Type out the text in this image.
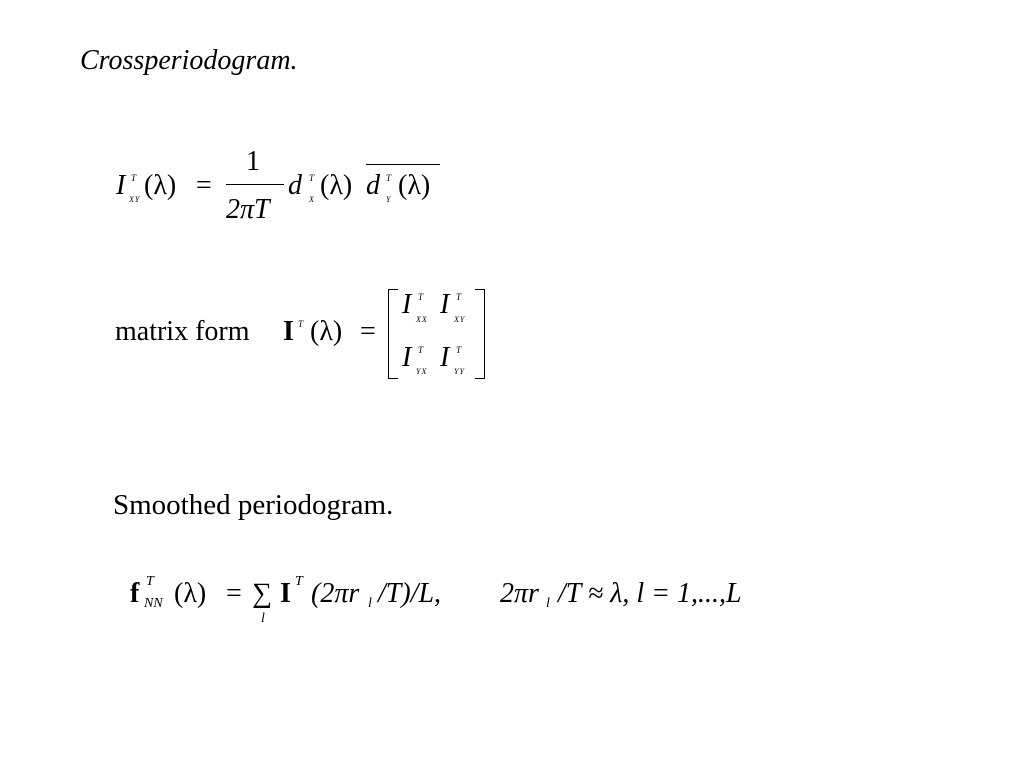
Crossperiodogram.
I T
XY (λ) =
1
2πT
d T
X (λ) d T
Y (λ)
matrix form I T (λ) =
I T
XX I T
XY
I T
YX I T
YY
Smoothed periodogram.
f T
NN (λ) = ∑
l
I T (2πr l /T)/L, 2πr l /T ≈ λ, l = 1,...,L
